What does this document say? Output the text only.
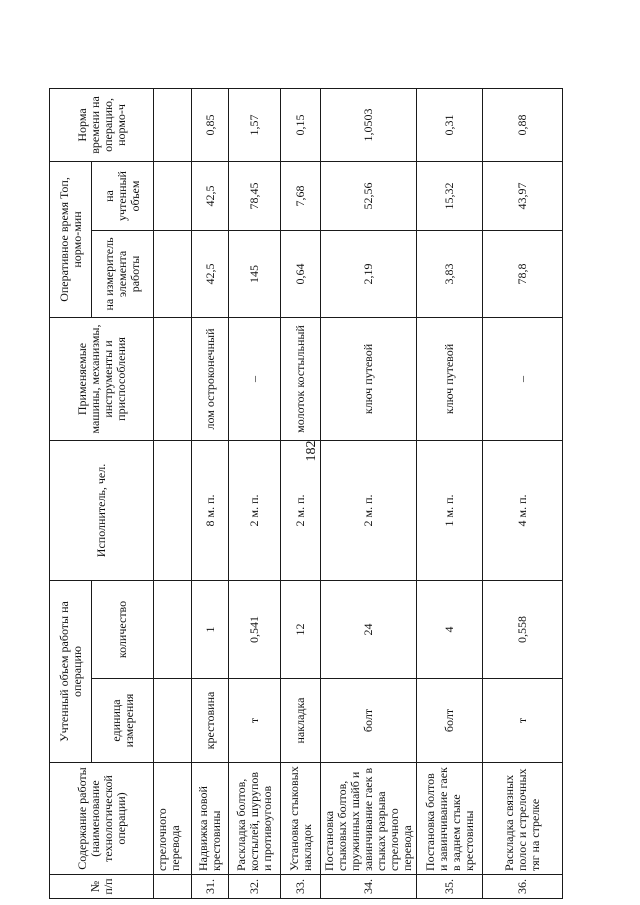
182
№ п/п	Содержание работы (наименование технологической операции)	Учтенный объем работы на операцию		Исполнитель, чел.	Применяемые машины, механизмы, инструменты и приспособления	Оперативное время Топ, нормо-мин		Норма времени на операцию, нормо-ч
		единица измерения	количество			на измеритель элемента работы	на учтенный объем	
	стрелочного перевода							
31.	Надвижка новой крестовины	крестовина	1	8 м. п.	лом остроконечный	42,5	42,5	0,85
32.	Раскладка болтов, костылей, шурупов и противоугонов	т	0,541	2 м. п.	–	145	78,45	1,57
33.	Установка стыковых накладок	накладка	12	2 м. п.	молоток костыльный	0,64	7,68	0,15
34.	Постановка стыковых болтов, пружинных шайб и завинчивание гаек в стыках разрыва стрелочного перевода	болт	24	2 м. п.	ключ путевой	2,19	52,56	1,0503
35.	Постановка болтов и завинчивание гаек в заднем стыке крестовины	болт	4	1 м. п.	ключ путевой	3,83	15,32	0,31
36.	Раскладка связных полос и стрелочных тяг на стрелке	т	0,558	4 м. п.	–	78,8	43,97	0,88
